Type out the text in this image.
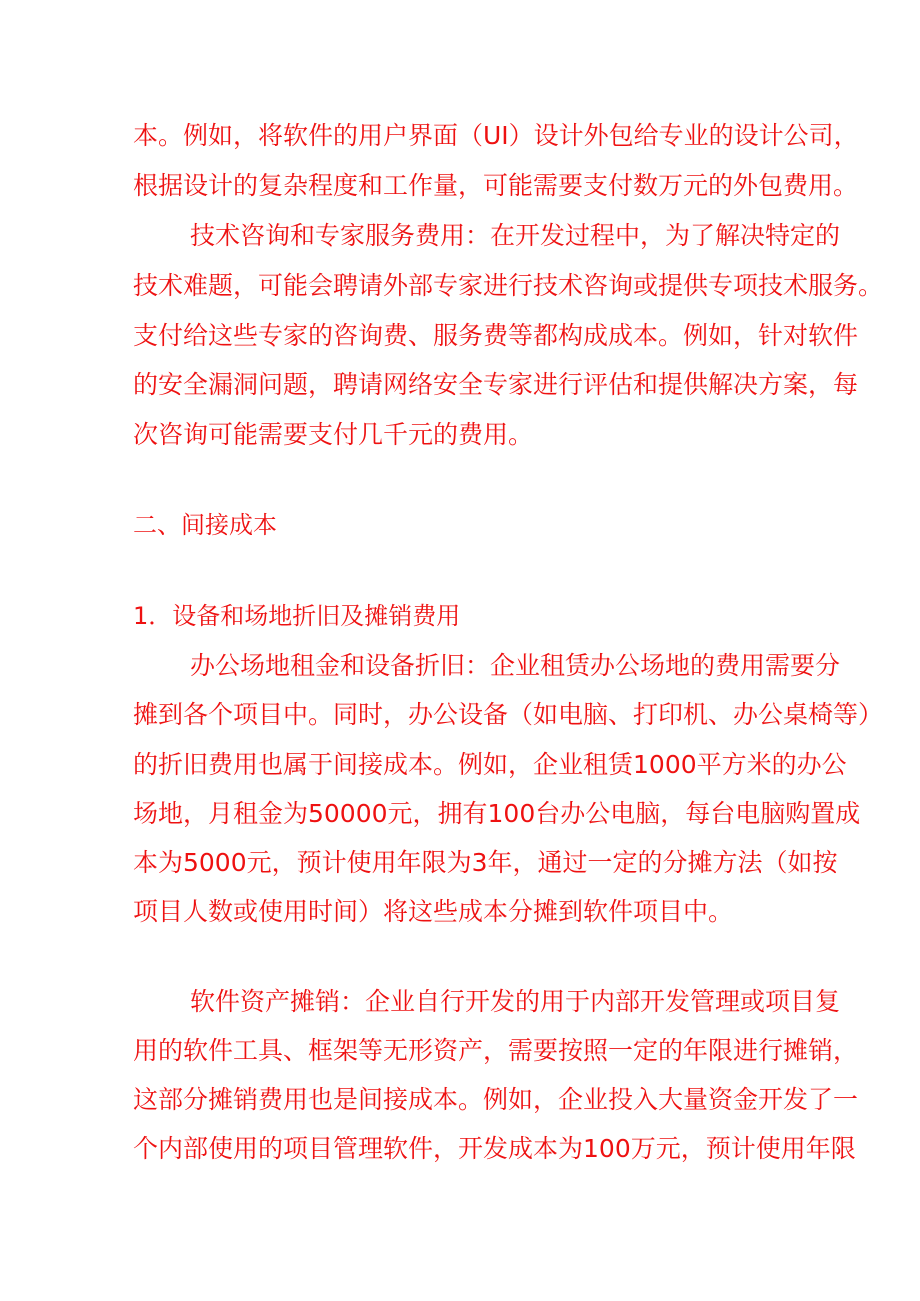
本。例如，将软件的用户界面（UI）设计外包给专业的设计公司，
根据设计的复杂程度和工作量，可能需要支付数万元的外包费用。
技术咨询和专家服务费用：在开发过程中，为了解决特定的
技术难题，可能会聘请外部专家进行技术咨询或提供专项技术服务。
支付给这些专家的咨询费、服务费等都构成成本。例如，针对软件
的安全漏洞问题，聘请网络安全专家进行评估和提供解决方案，每
次咨询可能需要支付几千元的费用。
二、间接成本
1．设备和场地折旧及摊销费用
办公场地租金和设备折旧：企业租赁办公场地的费用需要分
摊到各个项目中。同时，办公设备（如电脑、打印机、办公桌椅等）
的折旧费用也属于间接成本。例如，企业租赁1000平方米的办公
场地，月租金为50000元，拥有100台办公电脑，每台电脑购置成
本为5000元，预计使用年限为3年，通过一定的分摊方法（如按
项目人数或使用时间）将这些成本分摊到软件项目中。
软件资产摊销：企业自行开发的用于内部开发管理或项目复
用的软件工具、框架等无形资产，需要按照一定的年限进行摊销，
这部分摊销费用也是间接成本。例如，企业投入大量资金开发了一
个内部使用的项目管理软件，开发成本为100万元，预计使用年限
